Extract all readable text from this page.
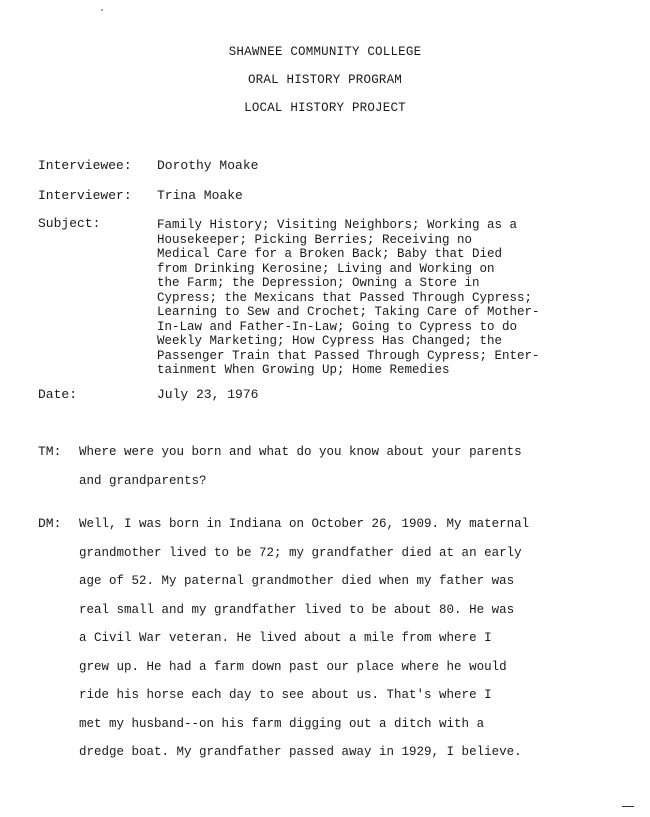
SHAWNEE COMMUNITY COLLEGE
ORAL HISTORY PROGRAM
LOCAL HISTORY PROJECT
Interviewee: Dorothy Moake
Interviewer: Trina Moake
Subject:	Family History; Visiting Neighbors; Working as a
Housekeeper; Picking Berries; Receiving no
Medical Care for a Broken Back; Baby that Died
from Drinking Kerosine; Living and Working on
the Farm; the Depression; Owning a Store in
Cypress; the Mexicans that Passed Through Cypress;
Learning to Sew and Crochet; Taking Care of Mother-
In-Law and Father-In-Law; Going to Cypress to do
Weekly Marketing; How Cypress Has Changed; the
Passenger Train that Passed Through Cypress; Enter-
tainment When Growing Up; Home Remedies
Date:	July 23, 1976
TM: Where were you born and what do you know about your parents
and grandparents?
DM: Well, I was born in Indiana on October 26, 1909. My maternal
grandmother lived to be 72; my grandfather died at an early
age of 52. My paternal grandmother died when my father was
real small and my grandfather lived to be about 80. He was
a Civil War veteran. He lived about a mile from where I
grew up. He had a farm down past our place where he would
ride his horse each day to see about us. That's where I
met my husband--on his farm digging out a ditch with a
dredge boat. My grandfather passed away in 1929, I believe.
